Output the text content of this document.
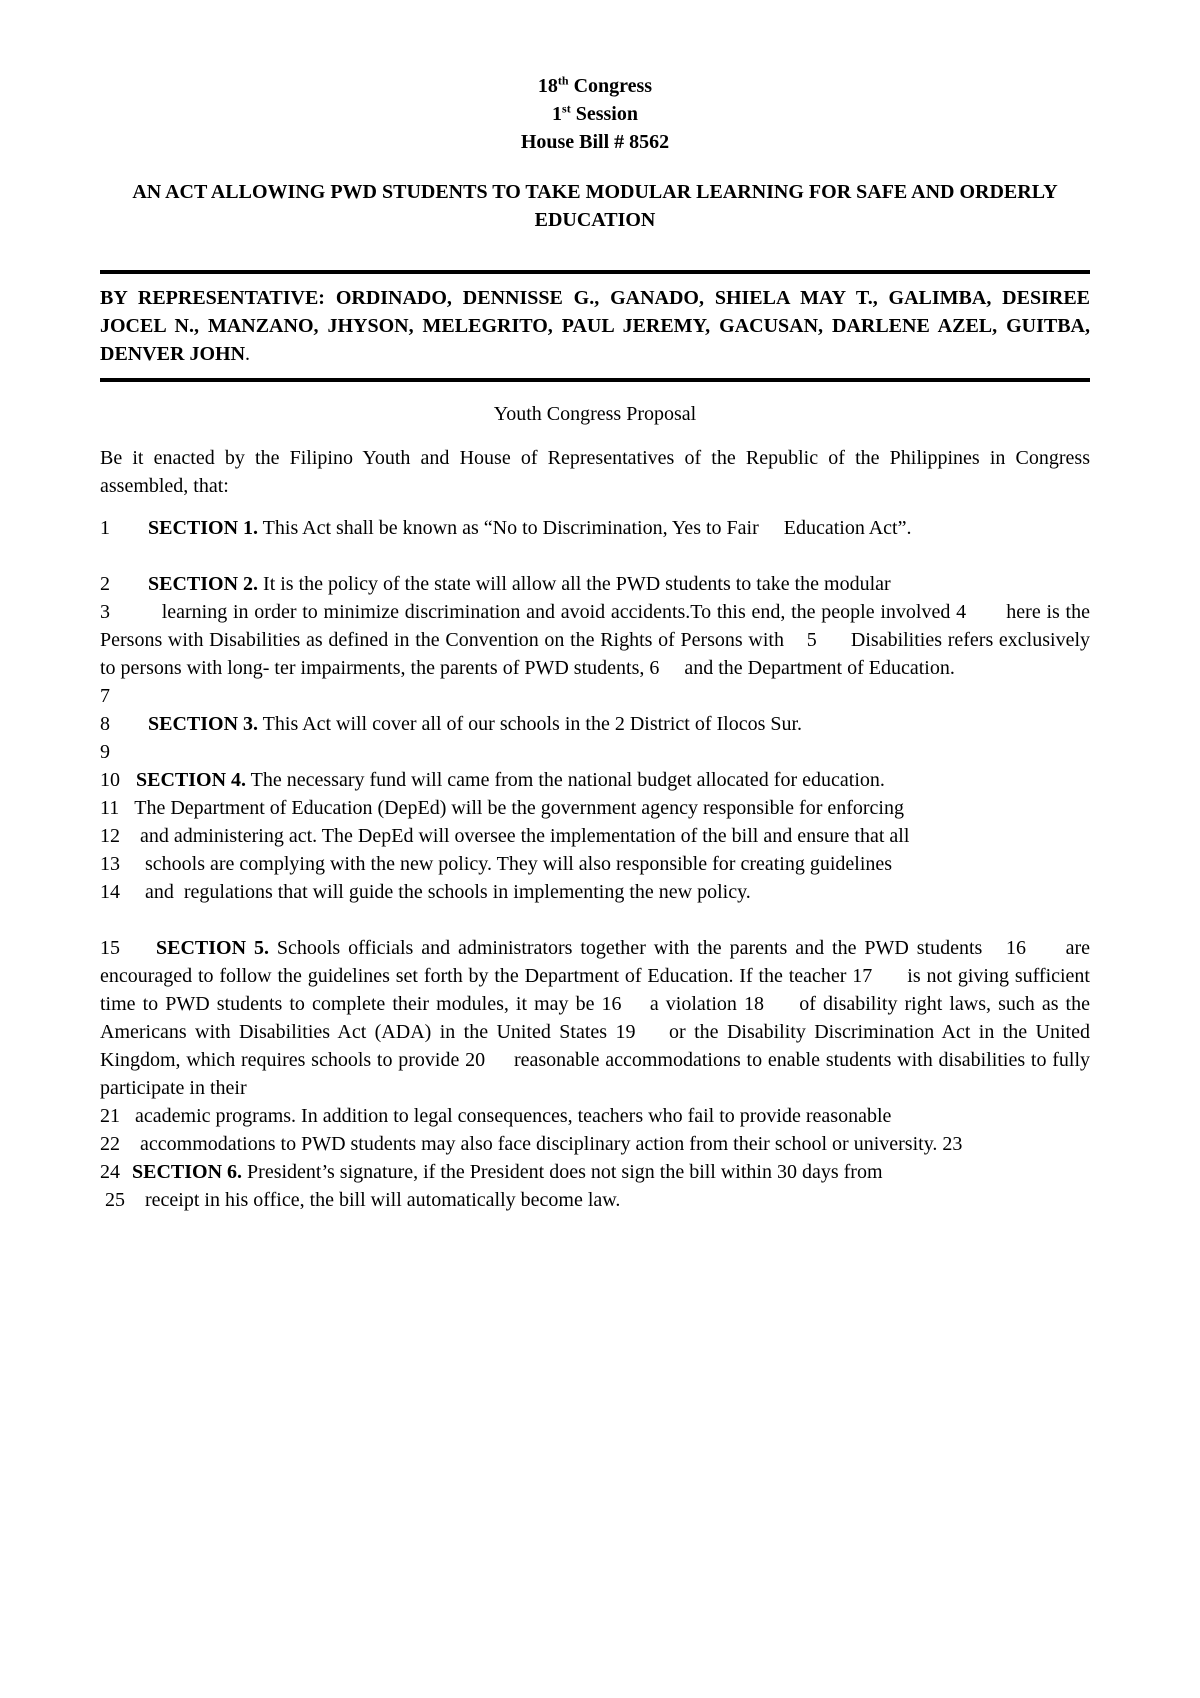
18th Congress
1st Session
House Bill # 8562
AN ACT ALLOWING PWD STUDENTS TO TAKE MODULAR LEARNING FOR SAFE AND ORDERLY EDUCATION
BY REPRESENTATIVE: ORDINADO, DENNISSE G., GANADO, SHIELA MAY T., GALIMBA, DESIREE JOCEL N., MANZANO, JHYSON, MELEGRITO, PAUL JEREMY, GACUSAN, DARLENE AZEL, GUITBA, DENVER JOHN.
Youth Congress Proposal
Be it enacted by the Filipino Youth and House of Representatives of the Republic of the Philippines in Congress assembled, that:
1 SECTION 1. This Act shall be known as “No to Discrimination, Yes to Fair     Education Act”.
2 SECTION 2. It is the policy of the state will allow all the PWD students to take the modular
3         learning in order to minimize discrimination and avoid accidents.To this end, the people involved 4       here is the Persons with Disabilities as defined in the Convention on the Rights of Persons with    5      Disabilities refers exclusively to persons with long- ter impairments, the parents of PWD students, 6     and the Department of Education.
7
8 SECTION 3. This Act will cover all of our schools in the 2 District of Ilocos Sur.
9
10 SECTION 4. The necessary fund will came from the national budget allocated for education.
11   The Department of Education (DepEd) will be the government agency responsible for enforcing
12    and administering act. The DepEd will oversee the implementation of the bill and ensure that all
13     schools are complying with the new policy. They will also responsible for creating guidelines
14     and  regulations that will guide the schools in implementing the new policy.
15 SECTION 5. Schools officials and administrators together with the parents and the PWD students   16     are encouraged to follow the guidelines set forth by the Department of Education. If the teacher 17      is not giving sufficient time to PWD students to complete their modules, it may be 16    a violation 18     of disability right laws, such as the Americans with Disabilities Act (ADA) in the United States 19    or the Disability Discrimination Act in the United Kingdom, which requires schools to provide 20     reasonable accommodations to enable students with disabilities to fully participate in their
21   academic programs. In addition to legal consequences, teachers who fail to provide reasonable
22    accommodations to PWD students may also face disciplinary action from their school or university. 23
24 SECTION 6. President’s signature, if the President does not sign the bill within 30 days from
25    receipt in his office, the bill will automatically become law.
